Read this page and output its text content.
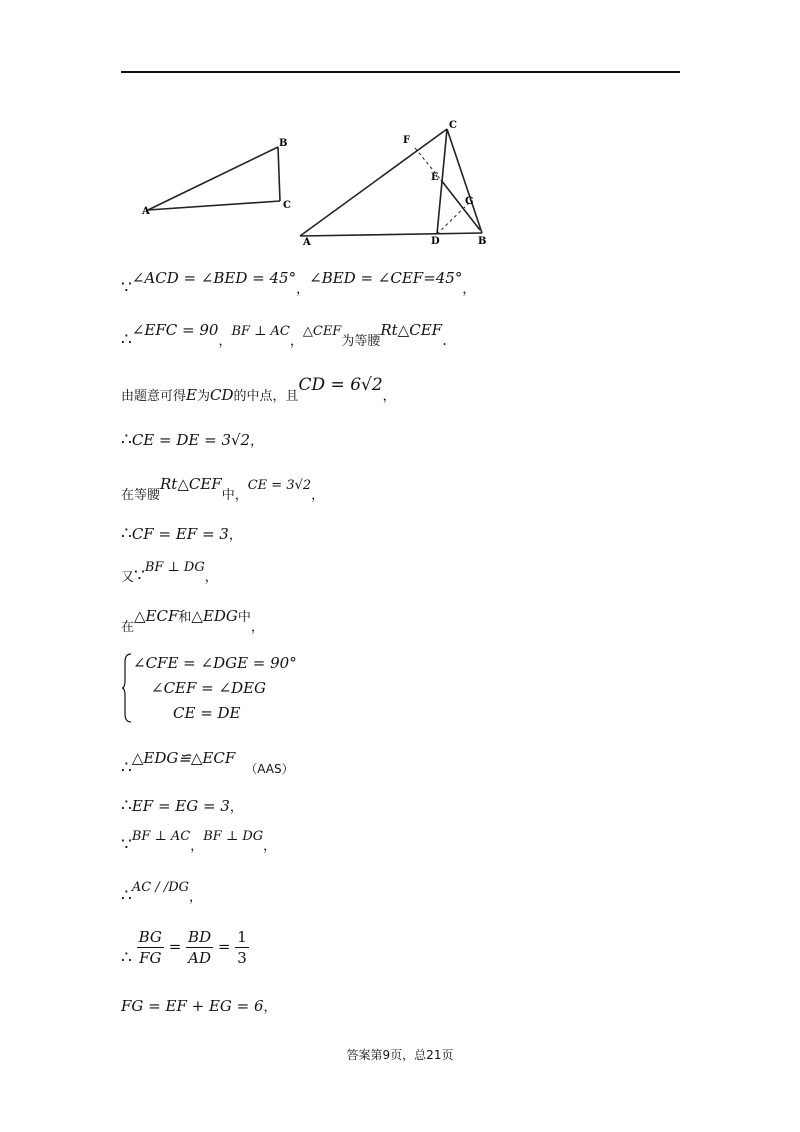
A
B
C
A	B
C
D
E
F
G
∵∠ACD = ∠BED = 45°，∠BED = ∠CEF=45°，
∴∠EFC = 90，BF ⊥ AC，△CEF为等腰Rt△CEF.
由题意可得E为CD的中点，且CD = 6√2，
∴CE = DE = 3√2，
在等腰Rt△CEF中，CE = 3√2，
∴CF = EF = 3，
又∵BF ⊥ DG，
在△ECF和△EDG中，
∠CFE = ∠DGE = 90°
∠CEF = ∠DEG
CE = DE
∴△EDG≌△ECF（AAS）
∴EF = EG = 3，
∵BF ⊥ AC，BF ⊥ DG，
∴AC / /DG，
∴ $\frac{BG}{FG} = \frac{BD}{AD} = \frac{1}{3}$
FG = EF + EG = 6，
答案第9页，总21页
